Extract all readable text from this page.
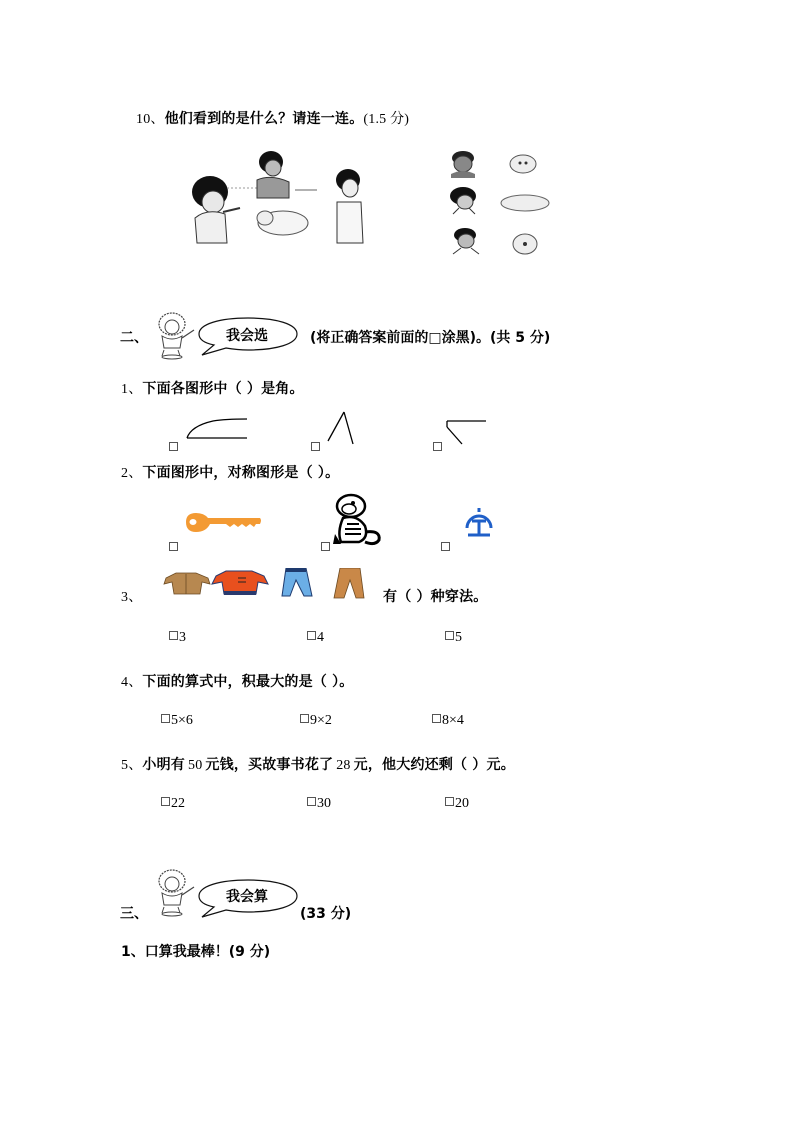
10、他们看到的是什么？请连一连。(1.5 分)
二、	我会选	(将正确答案前面的□涂黑)。(共 5 分)
1、下面各图形中（ ）是角。
2、下面图形中，对称图形是（ ）。
3、	有（ ）种穿法。
3	4	5
4、下面的算式中，积最大的是（ ）。
5×6	9×2	8×4
5、小明有 50 元钱，买故事书花了 28 元，他大约还剩（ ）元。
22	30	20
三、
我会算
(33 分)
1、口算我最棒！(9 分)
